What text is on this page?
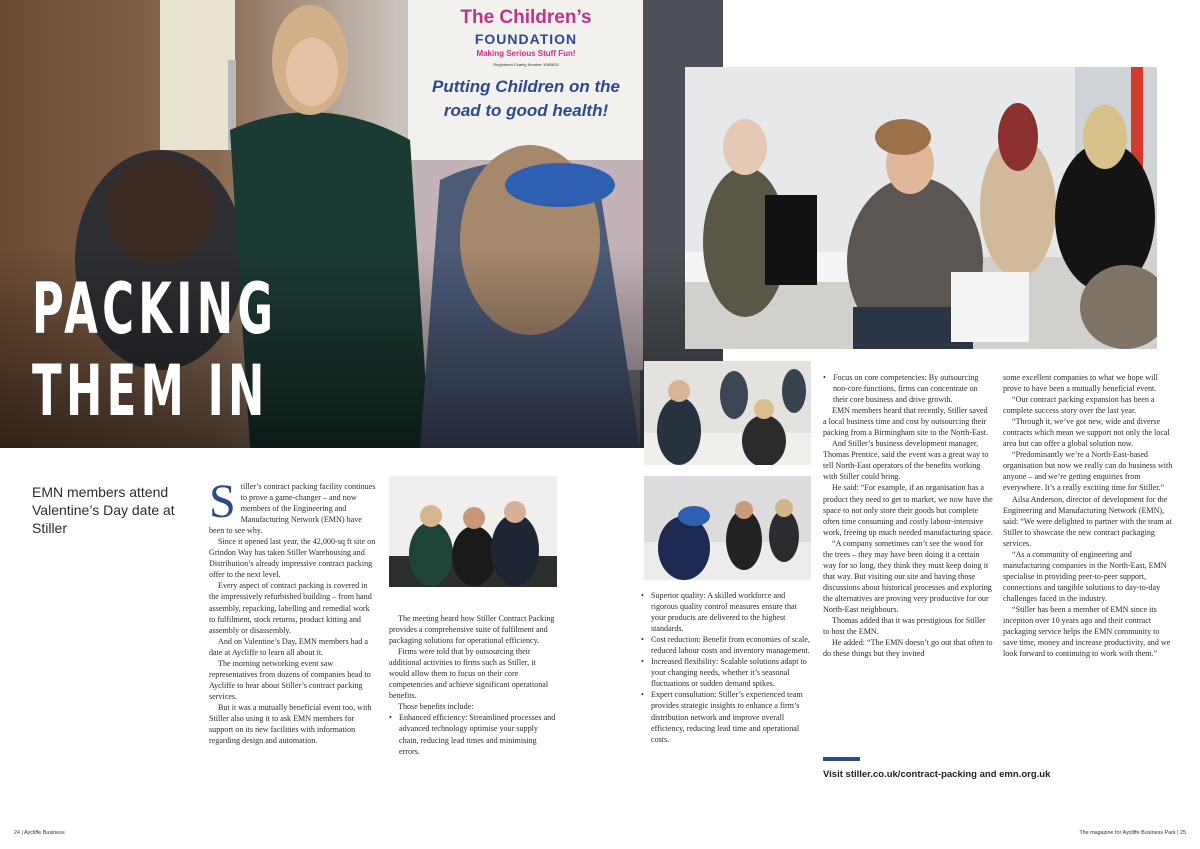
The Children’s
FOUNDATION
Making Serious Stuff Fun!
Registered Charity Number 1080815
Putting Children on the
road to good health!
PACKING
THEM IN
EMN members attend Valentine’s Day date at Stiller	Stiller’s contract packing facility continues to prove a game-changer – and now members of the Engineering and Manufacturing Network (EMN) have been to see why.

Since it opened last year, the 42,000-sq ft site on Grindon Way has taken Stiller Warehousing and Distribution’s already impressive contract packing offer to the next level.

Every aspect of contract packing is covered in the impressively refurbished building – from hand assembly, repacking, labelling and remedial work to fulfilment, stock returns, product kitting and assembly or disassembly.

And on Valentine’s Day, EMN members had a date at Aycliffe to learn all about it.

The morning networking event saw representatives from dozens of companies head to Aycliffe to hear about Stiller’s contract packing services.

But it was a mutually beneficial event too, with Stiller also using it to ask EMN members for support on its new facilities with information regarding design and automation.

The meeting heard how Stiller Contract Packing provides a comprehensive suite of fulfilment and packaging solutions for operational efficiency.

Firms were told that by outsourcing their additional activities to firms such as Stiller, it would allow them to focus on their core competencies and achieve significant operational benefits.

Those benefits include:

• Enhanced efficiency: Streamlined processes and advanced technology optimise your supply chain, reducing lead times and minimising errors.
• Superior quality: A skilled workforce and rigorous quality control measures ensure that your products are delivered to the highest standards.
• Cost reduction: Benefit from economies of scale, reduced labour costs and inventory management.
• Increased flexibility: Scalable solutions adapt to your changing needs, whether it’s seasonal fluctuations or sudden demand spikes.
• Expert consultation: Stiller’s experienced team provides strategic insights to enhance a firm’s distribution network and improve overall efficiency, reducing lead time and operational costs.
• Focus on core competencies: By outsourcing non-core functions, firms can concentrate on their core business and drive growth.

EMN members heard that recently, Stiller saved a local business time and cost by outsourcing their packing from a Birmingham site to the North-East.

And Stiller’s business development manager, Thomas Prentice, said the event was a great way to tell North-East operators of the benefits working with Stiller could bring.

He said: “For example, if an organisation has a product they need to get to market, we now have the space to not only store their goods but complete often time consuming and costly labour-intensive work, freeing up much needed manufacturing space.

“A company sometimes can’t see the wood for the trees – they may have been doing it a certain way for so long, they think they must keep doing it that way. But visiting our site and having those discussions about historical processes and exploring the alternatives are proving very productive for our North-East neighbours.

Thomas added that it was prestigious for Stiller to host the EMN.

He added: “The EMN doesn’t go out that often to do these things but they invited

some excellent companies to what we hope will prove to have been a mutually beneficial event.

“Our contract packing expansion has been a complete success story over the last year.

“Through it, we’ve got new, wide and diverse contracts which mean we support not only the local area but can offer a global solution now.

“Predominantly we’re a North-East-based organisation but now we really can do business with anyone – and we’re getting enquiries from everywhere. It’s a really exciting time for Stiller.”

Ailsa Anderson, director of development for the Engineering and Manufacturing Network (EMN), said: “We were delighted to partner with the team at Stiller to showcase the new contract packaging services.

“As a community of engineering and manufacturing companies in the North-East, EMN specialise in providing peer-to-peer support, connections and tangible solutions to day-to-day challenges faced in the industry.

“Stiller has been a member of EMN since its inception over 10 years ago and their contract packaging service helps the EMN community to save time, money and increase productivity, and we look forward to continuing to work with them.”

Visit stiller.co.uk/contract-packing and emn.org.uk
24 | Aycliffe Business	The magazine for Aycliffe Business Park | 25
